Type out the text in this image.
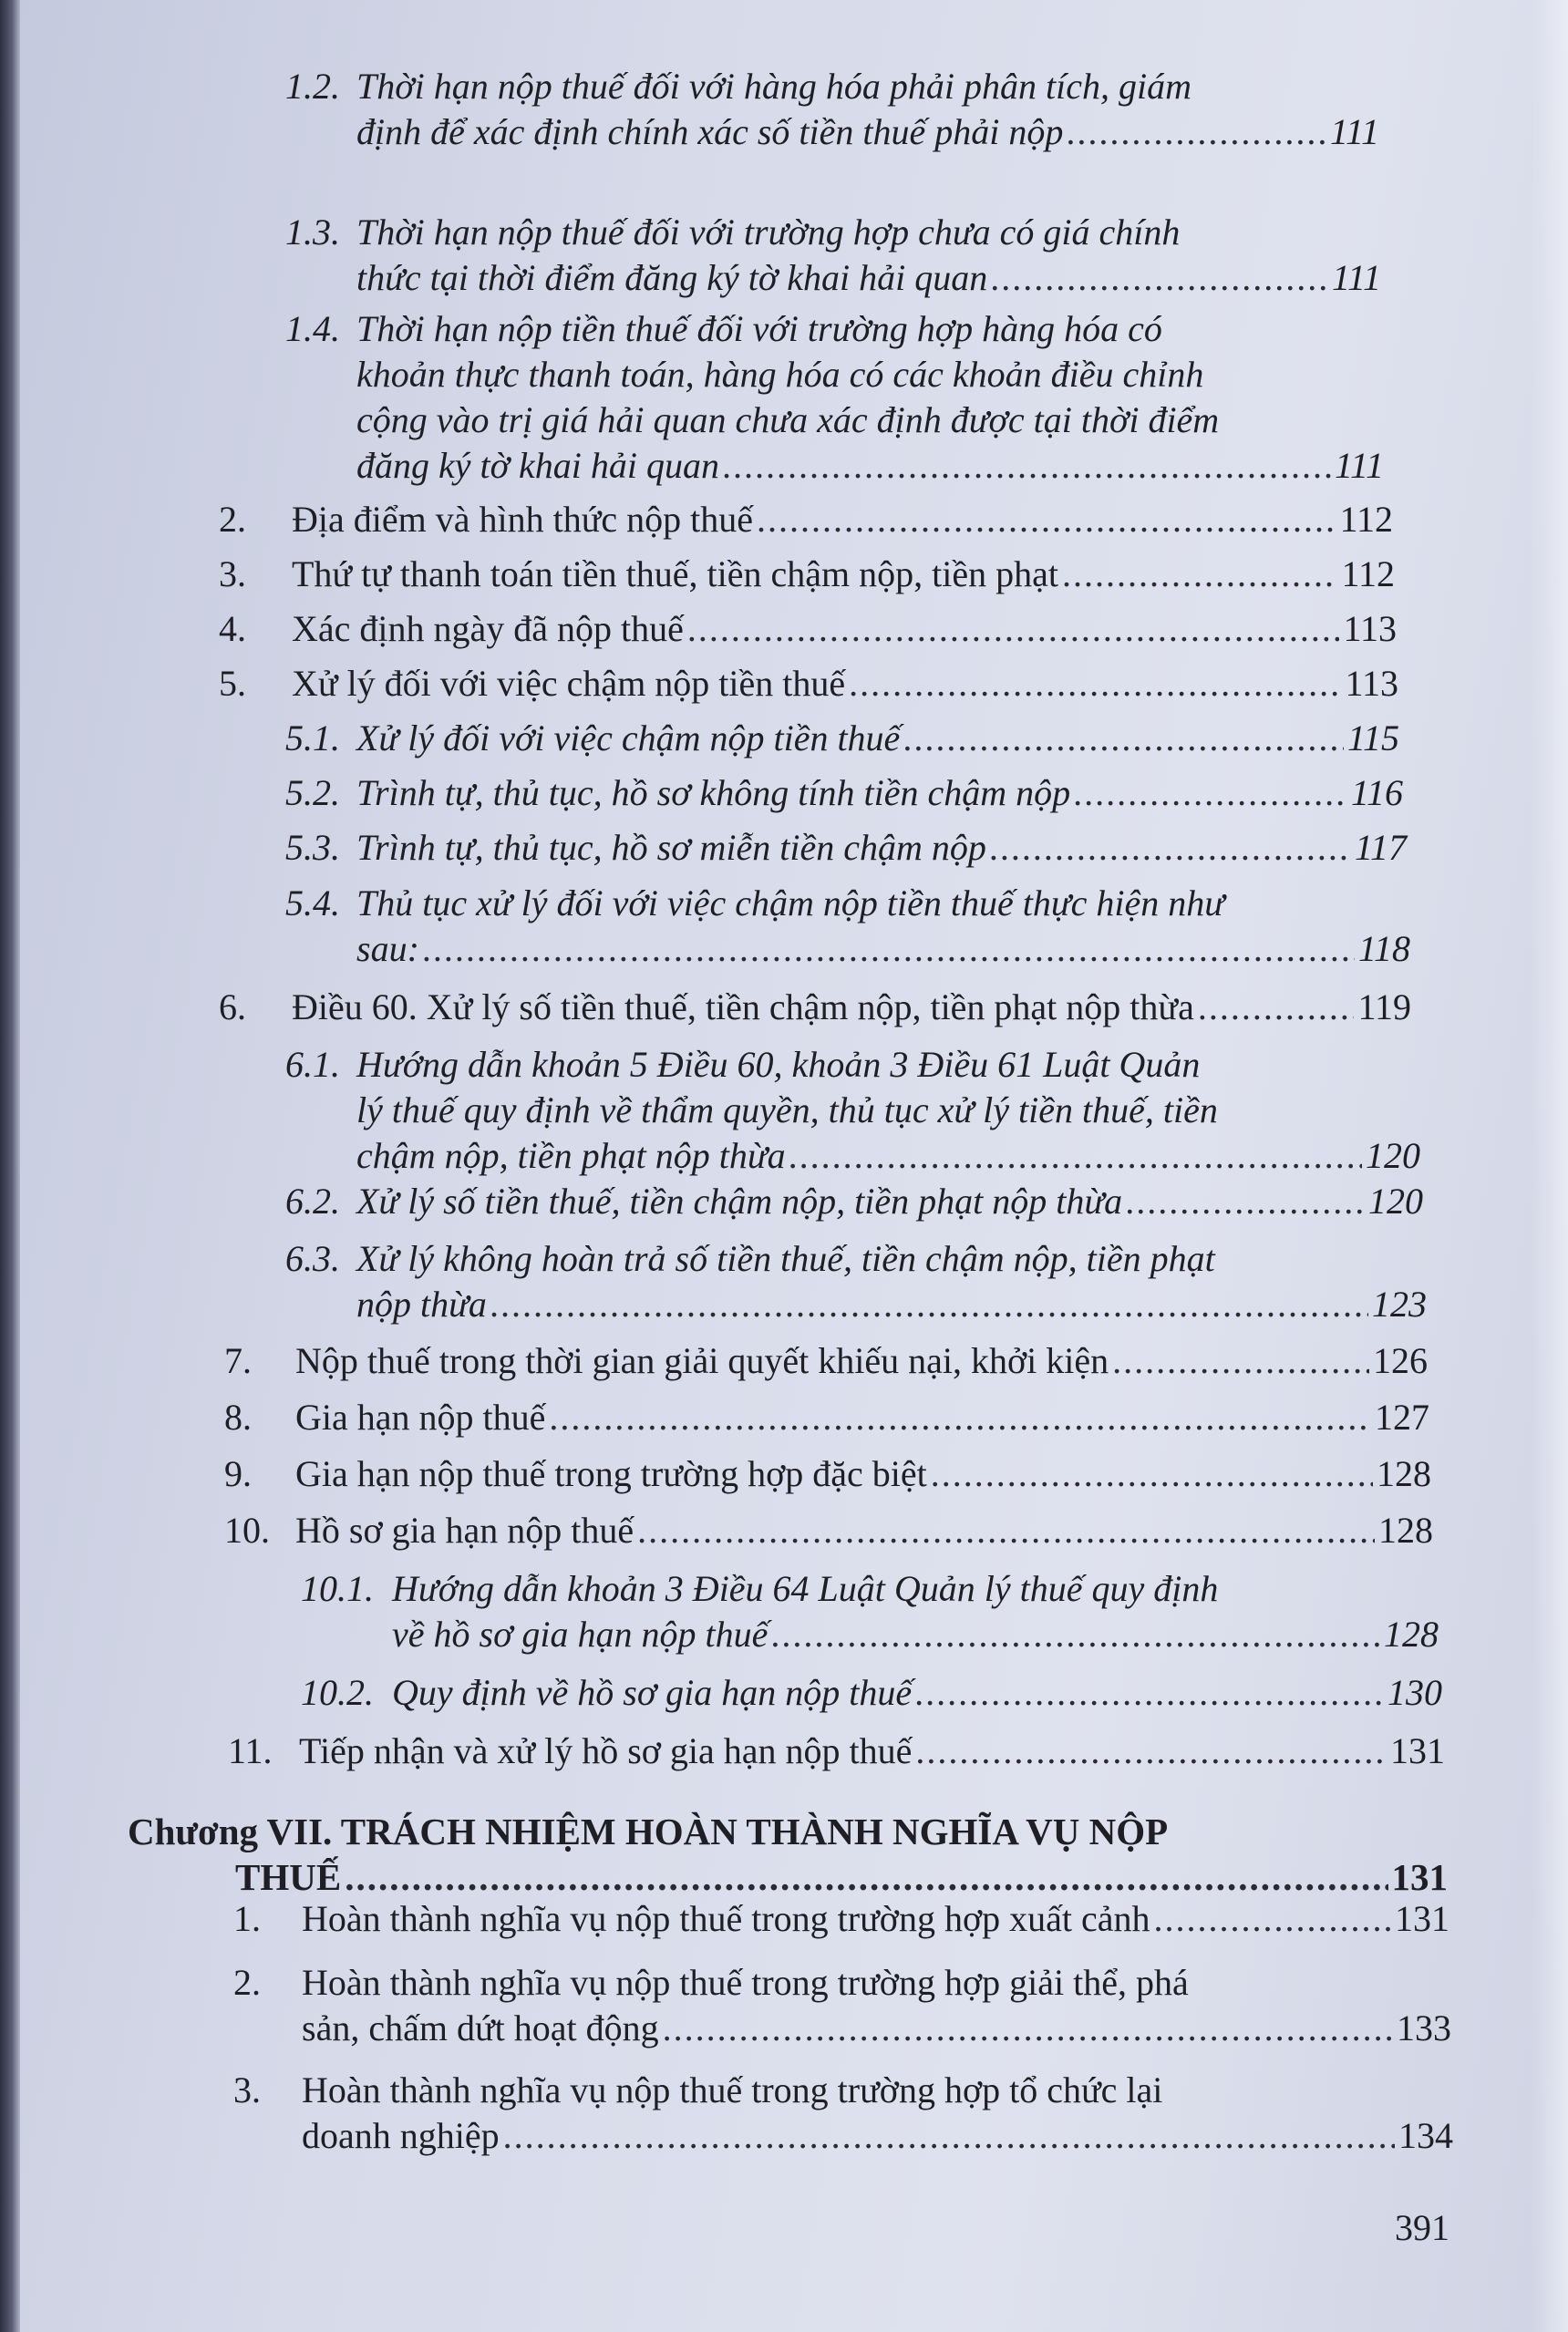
1.2. Thời hạn nộp thuế đối với hàng hóa phải phân tích, giám
định để xác định chính xác số tiền thuế phải nộp .....	111
1.3. Thời hạn nộp thuế đối với trường hợp chưa có giá chính
thức tại thời điểm đăng ký tờ khai hải quan .....	111
1.4. Thời hạn nộp tiền thuế đối với trường hợp hàng hóa có
khoản thực thanh toán, hàng hóa có các khoản điều chỉnh
cộng vào trị giá hải quan chưa xác định được tại thời điểm
đăng ký tờ khai hải quan .....	111
2. Địa điểm và hình thức nộp thuế .....	112
3. Thứ tự thanh toán tiền thuế, tiền chậm nộp, tiền phạt .....	112
4. Xác định ngày đã nộp thuế .....	113
5. Xử lý đối với việc chậm nộp tiền thuế .....	113
5.1. Xử lý đối với việc chậm nộp tiền thuế .....	115
5.2. Trình tự, thủ tục, hồ sơ không tính tiền chậm nộp .....	116
5.3. Trình tự, thủ tục, hồ sơ miễn tiền chậm nộp .....	117
5.4. Thủ tục xử lý đối với việc chậm nộp tiền thuế thực hiện như
sau: .....	118
6. Điều 60. Xử lý số tiền thuế, tiền chậm nộp, tiền phạt nộp thừa .....	119
6.1. Hướng dẫn khoản 5 Điều 60, khoản 3 Điều 61 Luật Quản
lý thuế quy định về thẩm quyền, thủ tục xử lý tiền thuế, tiền
chậm nộp, tiền phạt nộp thừa .....	120
6.2. Xử lý số tiền thuế, tiền chậm nộp, tiền phạt nộp thừa .....	120
6.3. Xử lý không hoàn trả số tiền thuế, tiền chậm nộp, tiền phạt
nộp thừa .....	123
7. Nộp thuế trong thời gian giải quyết khiếu nại, khởi kiện .....	126
8. Gia hạn nộp thuế .....	127
9. Gia hạn nộp thuế trong trường hợp đặc biệt .....	128
10. Hồ sơ gia hạn nộp thuế .....	128
10.1. Hướng dẫn khoản 3 Điều 64 Luật Quản lý thuế quy định
về hồ sơ gia hạn nộp thuế .....	128
10.2. Quy định về hồ sơ gia hạn nộp thuế .....	130
11. Tiếp nhận và xử lý hồ sơ gia hạn nộp thuế .....	131
Chương VII. TRÁCH NHIỆM HOÀN THÀNH NGHĨA VỤ NỘP
THUẾ .....	131
1. Hoàn thành nghĩa vụ nộp thuế trong trường hợp xuất cảnh .....	131
2. Hoàn thành nghĩa vụ nộp thuế trong trường hợp giải thể, phá
sản, chấm dứt hoạt động .....	133
3. Hoàn thành nghĩa vụ nộp thuế trong trường hợp tổ chức lại
doanh nghiệp .....	134
391
